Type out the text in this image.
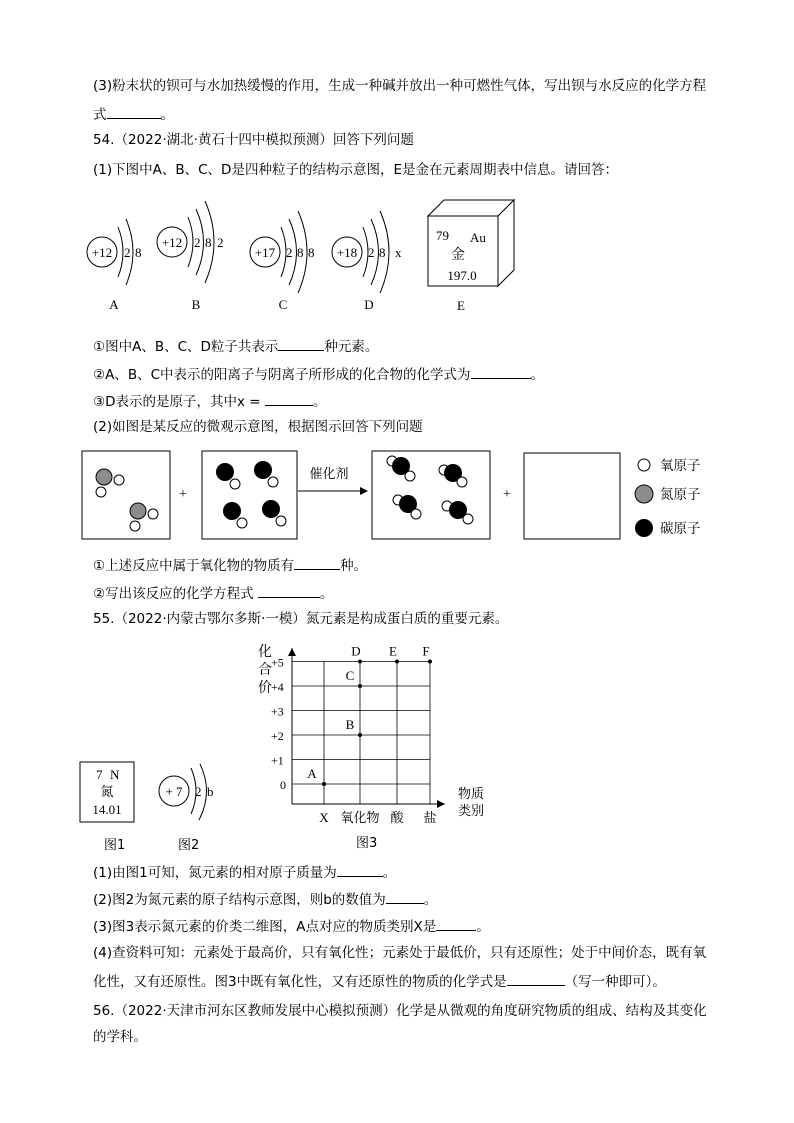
(3)粉末状的钡可与水加热缓慢的作用，生成一种碱并放出一种可燃性气体，写出钡与水反应的化学方程
式	。
54.（2022·湖北·黄石十四中模拟预测）回答下列问题
(1)下图中A、B、C、D是四种粒子的结构示意图，E是金在元素周期表中信息。请回答：
+12 2 8
A
+12 2 8 2
B
+17 2 8 8
C
+18 2 8 x
D
79 Au
金
197.0
E
①图中A、B、C、D粒子共表示	种元素。
②A、B、C中表示的阳离子与阴离子所形成的化合物的化学式为	。
③D表示的是原子，其中x =	。
(2)如图是某反应的微观示意图，根据图示回答下列问题
+
催化剂
+
氧原子
氮原子
碳原子
①上述反应中属于氧化物的物质有	种。
②写出该反应的化学方程式	。
55.（2022·内蒙古鄂尔多斯·一模）氮元素是构成蛋白质的重要元素。
7 N
氮
14.01
图1
+ 7 2 b
图2
化
合
价
物质
类别
0
+1
+2
+3
+4
+5
X 氧化物 酸 盐
A
B
C
D E F
图3
(1)由图1可知，氮元素的相对原子质量为	。
(2)图2为氮元素的原子结构示意图，则b的数值为	。
(3)图3表示氮元素的价类二维图，A点对应的物质类别X是	。
(4)查资料可知：元素处于最高价，只有氧化性；元素处于最低价，只有还原性；处于中间价态，既有氧
化性，又有还原性。图3中既有氧化性，又有还原性的物质的化学式是	（写一种即可）。
56.（2022·天津市河东区教师发展中心模拟预测）化学是从微观的角度研究物质的组成、结构及其变化
的学科。
